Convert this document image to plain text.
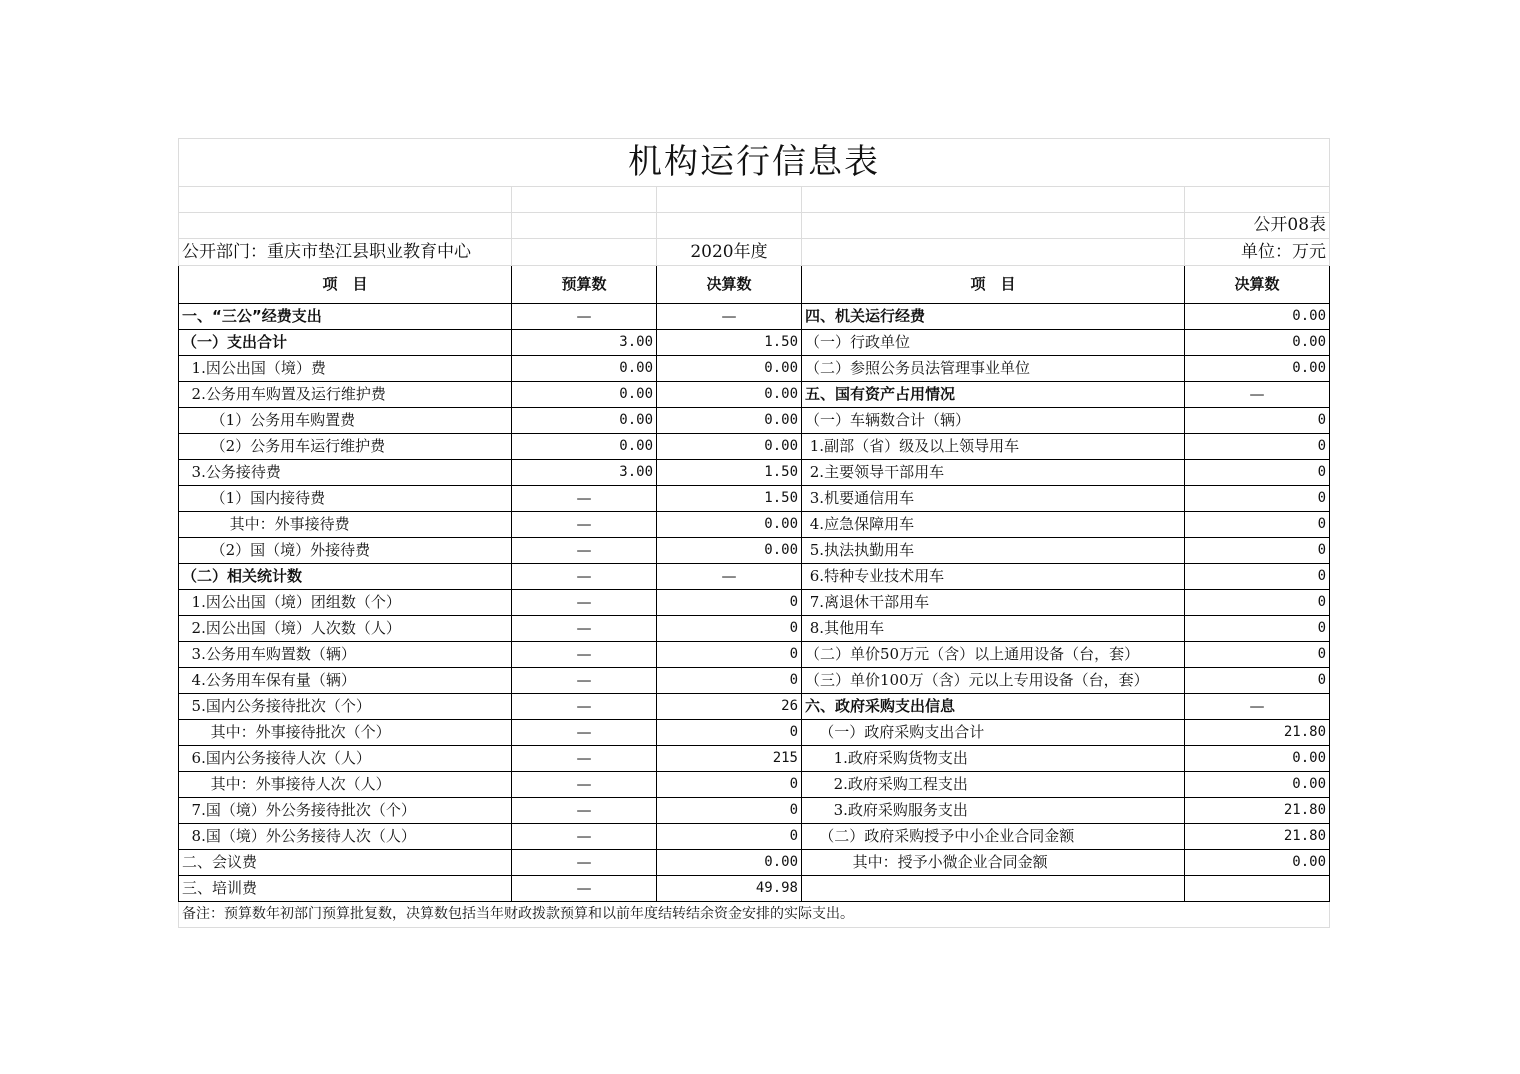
机构运行信息表				

				公开08表
公开部门：重庆市垫江县职业教育中心		2020年度		单位：万元
项　目	预算数	决算数	项　目	决算数
一、“三公”经费支出	—	—	四、机关运行经费	0.00
（一）支出合计	3.00	1.50	（一）行政单位	0.00
1.因公出国（境）费	0.00	0.00	（二）参照公务员法管理事业单位	0.00
2.公务用车购置及运行维护费	0.00	0.00	五、国有资产占用情况	—
（1）公务用车购置费	0.00	0.00	（一）车辆数合计（辆）	0
（2）公务用车运行维护费	0.00	0.00	1.副部（省）级及以上领导用车	0
3.公务接待费	3.00	1.50	2.主要领导干部用车	0
（1）国内接待费	—	1.50	3.机要通信用车	0
其中：外事接待费	—	0.00	4.应急保障用车	0
（2）国（境）外接待费	—	0.00	5.执法执勤用车	0
（二）相关统计数	—	—	6.特种专业技术用车	0
1.因公出国（境）团组数（个）	—	0	7.离退休干部用车	0
2.因公出国（境）人次数（人）	—	0	8.其他用车	0
3.公务用车购置数（辆）	—	0	（二）单价50万元（含）以上通用设备（台，套）	0
4.公务用车保有量（辆）	—	0	（三）单价100万（含）元以上专用设备（台，套）	0
5.国内公务接待批次（个）	—	26	六、政府采购支出信息	—
其中：外事接待批次（个）	—	0	（一）政府采购支出合计	21.80
6.国内公务接待人次（人）	—	215	1.政府采购货物支出	0.00
其中：外事接待人次（人）	—	0	2.政府采购工程支出	0.00
7.国（境）外公务接待批次（个）	—	0	3.政府采购服务支出	21.80
8.国（境）外公务接待人次（人）	—	0	（二）政府采购授予中小企业合同金额	21.80
二、会议费	—	0.00	其中：授予小微企业合同金额	0.00
三、培训费	—	49.98		
备注：预算数年初部门预算批复数，决算数包括当年财政拨款预算和以前年度结转结余资金安排的实际支出。				
